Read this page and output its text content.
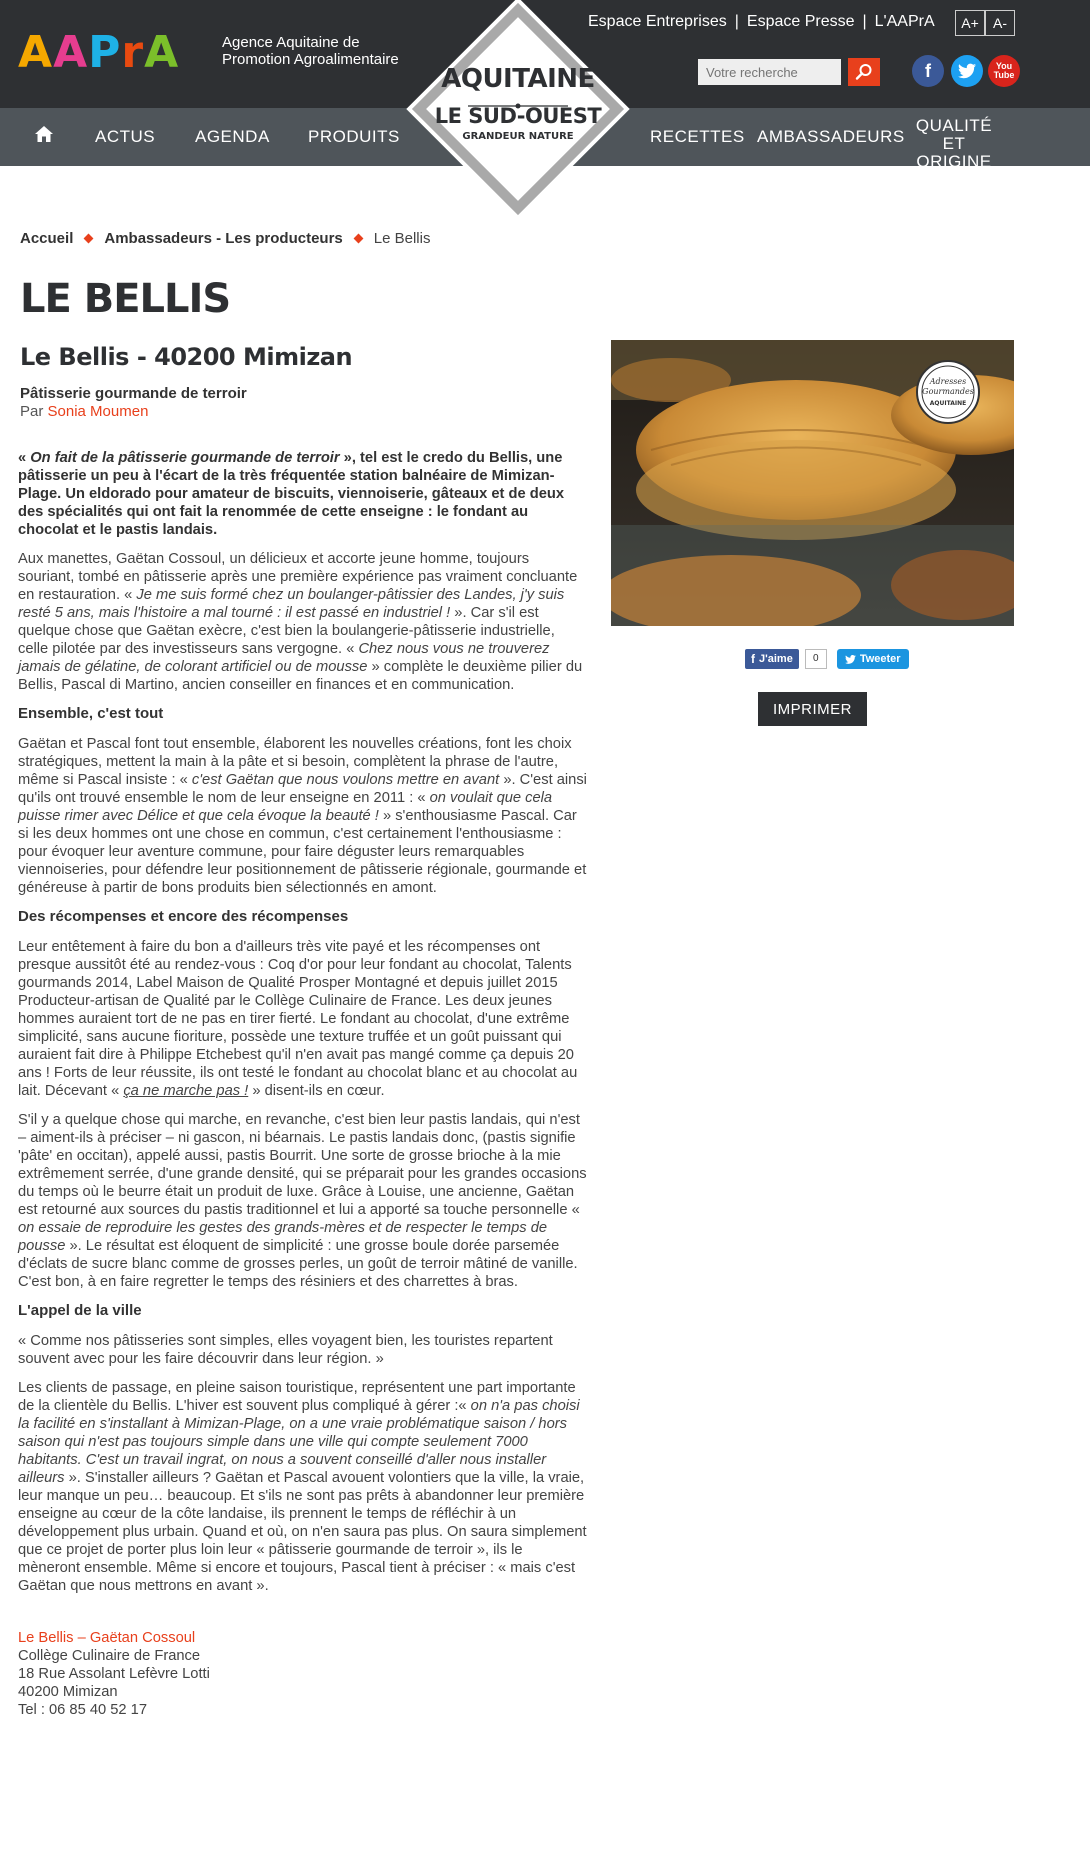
AAPrA	Agence Aquitaine de
Promotion Agroalimentaire
Espace Entreprises | Espace Presse | L'AAPrA	A+	A-
Votre recherche
f	You
Tube
ACTUS AGENDA PRODUITS	RECETTES AMBASSADEURS
QUALITÉ
ET ORIGINE
AQUITAINE
LE SUD-OUEST
GRANDEUR NATURE
Accueil Ambassadeurs - Les producteurs Le Bellis
LE BELLIS
Le Bellis - 40200 Mimizan
Pâtisserie gourmande de terroir
Par Sonia Moumen

« On fait de la pâtisserie gourmande de terroir », tel est le credo du Bellis, une pâtisserie un peu à l'écart de la très fréquentée station balnéaire de Mimizan-Plage. Un eldorado pour amateur de biscuits, viennoiserie, gâteaux et de deux des spécialités qui ont fait la renommée de cette enseigne : le fondant au chocolat et le pastis landais.

Aux manettes, Gaëtan Cossoul, un délicieux et accorte jeune homme, toujours souriant, tombé en pâtisserie après une première expérience pas vraiment concluante en restauration. « Je me suis formé chez un boulanger-pâtissier des Landes, j'y suis resté 5 ans, mais l'histoire a mal tourné : il est passé en industriel ! ». Car s'il est quelque chose que Gaëtan exècre, c'est bien la boulangerie-pâtisserie industrielle, celle pilotée par des investisseurs sans vergogne. « Chez nous vous ne trouverez jamais de gélatine, de colorant artificiel ou de mousse » complète le deuxième pilier du Bellis, Pascal di Martino, ancien conseiller en finances et en communication.

Ensemble, c'est tout

Gaëtan et Pascal font tout ensemble, élaborent les nouvelles créations, font les choix stratégiques, mettent la main à la pâte et si besoin, complètent la phrase de l'autre, même si Pascal insiste : « c'est Gaëtan que nous voulons mettre en avant ». C'est ainsi qu'ils ont trouvé ensemble le nom de leur enseigne en 2011 : « on voulait que cela puisse rimer avec Délice et que cela évoque la beauté ! » s'enthousiasme Pascal. Car si les deux hommes ont une chose en commun, c'est certainement l'enthousiasme : pour évoquer leur aventure commune, pour faire déguster leurs remarquables viennoiseries, pour défendre leur positionnement de pâtisserie régionale, gourmande et généreuse à partir de bons produits bien sélectionnés en amont.

Des récompenses et encore des récompenses

Leur entêtement à faire du bon a d'ailleurs très vite payé et les récompenses ont presque aussitôt été au rendez-vous : Coq d'or pour leur fondant au chocolat, Talents gourmands 2014, Label Maison de Qualité Prosper Montagné et depuis juillet 2015 Producteur-artisan de Qualité par le Collège Culinaire de France. Les deux jeunes hommes auraient tort de ne pas en tirer fierté. Le fondant au chocolat, d'une extrême simplicité, sans aucune fioriture, possède une texture truffée et un goût puissant qui auraient fait dire à Philippe Etchebest qu'il n'en avait pas mangé comme ça depuis 20 ans ! Forts de leur réussite, ils ont testé le fondant au chocolat blanc et au chocolat au lait. Décevant « ça ne marche pas ! » disent-ils en cœur.

S'il y a quelque chose qui marche, en revanche, c'est bien leur pastis landais, qui n'est – aiment-ils à préciser – ni gascon, ni béarnais. Le pastis landais donc, (pastis signifie 'pâte' en occitan), appelé aussi, pastis Bourrit. Une sorte de grosse brioche à la mie extrêmement serrée, d'une grande densité, qui se préparait pour les grandes occasions du temps où le beurre était un produit de luxe. Grâce à Louise, une ancienne, Gaëtan est retourné aux sources du pastis traditionnel et lui a apporté sa touche personnelle « on essaie de reproduire les gestes des grands-mères et de respecter le temps de pousse ». Le résultat est éloquent de simplicité : une grosse boule dorée parsemée d'éclats de sucre blanc comme de grosses perles, un goût de terroir mâtiné de vanille. C'est bon, à en faire regretter le temps des résiniers et des charrettes à bras.

L'appel de la ville

« Comme nos pâtisseries sont simples, elles voyagent bien, les touristes repartent souvent avec pour les faire découvrir dans leur région. »

Les clients de passage, en pleine saison touristique, représentent une part importante de la clientèle du Bellis. L'hiver est souvent plus compliqué à gérer :« on n'a pas choisi la facilité en s'installant à Mimizan-Plage, on a une vraie problématique saison / hors saison qui n'est pas toujours simple dans une ville qui compte seulement 7000 habitants. C'est un travail ingrat, on nous a souvent conseillé d'aller nous installer ailleurs ». S'installer ailleurs ? Gaëtan et Pascal avouent volontiers que la ville, la vraie, leur manque un peu… beaucoup. Et s'ils ne sont pas prêts à abandonner leur première enseigne au cœur de la côte landaise, ils prennent le temps de réfléchir à un développement plus urbain. Quand et où, on n'en saura pas plus. On saura simplement que ce projet de porter plus loin leur « pâtisserie gourmande de terroir », ils le mèneront ensemble. Même si encore et toujours, Pascal tient à préciser : « mais c'est Gaëtan que nous mettrons en avant ».

Le Bellis – Gaëtan Cossoul
Collège Culinaire de France
18 Rue Assolant Lefèvre Lotti
40200 Mimizan
Tel : 06 85 40 52 17
Adresses
Gourmandes
AQUITAINE
f J'aime	0	Tweeter
IMPRIMER
